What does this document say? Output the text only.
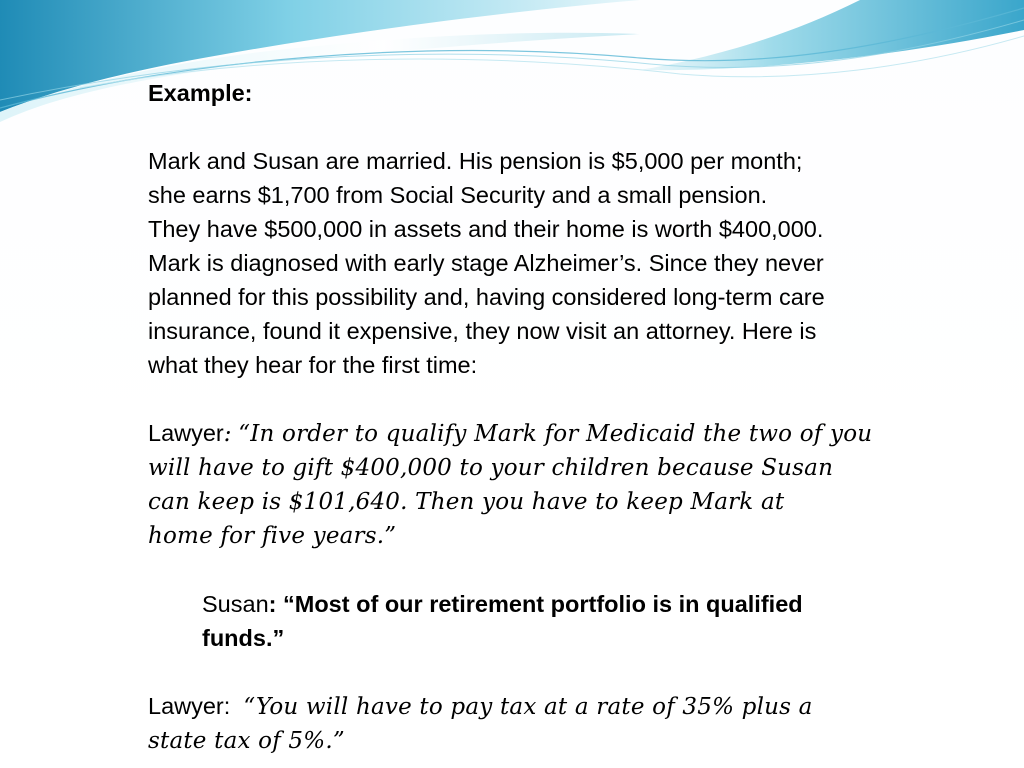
Example:

Mark and Susan are married. His pension is $5,000 per month;
she earns $1,700 from Social Security and a small pension.
They have $500,000 in assets and their home is worth $400,000.
Mark is diagnosed with early stage Alzheimer’s. Since they never
planned for this possibility and, having considered long-term care
insurance, found it expensive, they now visit an attorney. Here is
what they hear for the first time:

Lawyer: “In order to qualify Mark for Medicaid the two of you
will have to gift $400,000 to your children because Susan
can keep is $101,640. Then you have to keep Mark at
home for five years.”

Susan: “Most of our retirement portfolio is in qualified
funds.”

Lawyer: “You will have to pay tax at a rate of 35% plus a
state tax of 5%.”
